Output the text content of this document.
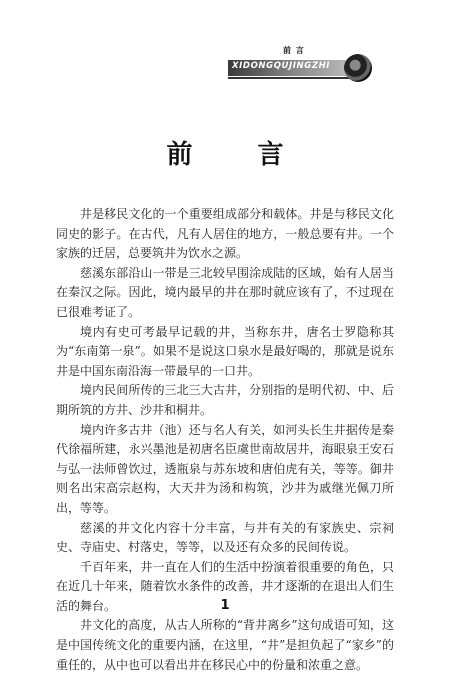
前 言
XIDONGQUJINGZHI
前 言

井是移民文化的一个重要组成部分和载体。井是与移民文化同史的影子。在古代，凡有人居住的地方，一般总要有井。一个家族的迁居，总要筑井为饮水之源。

慈溪东部沿山一带是三北较早围涂成陆的区域，始有人居当在秦汉之际。因此，境内最早的井在那时就应该有了，不过现在已很难考证了。

境内有史可考最早记载的井，当称东井，唐名士罗隐称其为“东南第一泉”。如果不是说这口泉水是最好喝的，那就是说东井是中国东南沿海一带最早的一口井。

境内民间所传的三北三大古井，分别指的是明代初、中、后期所筑的方井、沙井和桐井。

境内许多古井（池）还与名人有关，如河头长生井据传是秦代徐福所建，永兴墨池是初唐名臣虞世南故居井，海眼泉王安石与弘一法师曾饮过，透瓶泉与苏东坡和唐伯虎有关，等等。御井则名出宋高宗赵构，大天井为汤和构筑，沙井为戚继光佩刀所出，等等。

慈溪的井文化内容十分丰富，与井有关的有家族史、宗祠史、寺庙史、村落史，等等，以及还有众多的民间传说。

千百年来，井一直在人们的生活中扮演着很重要的角色，只在近几十年来，随着饮水条件的改善，井才逐渐的在退出人们生活的舞台。

井文化的高度，从古人所称的“背井离乡”这句成语可知，这是中国传统文化的重要内涵，在这里，“井”是担负起了“家乡”的重任的，从中也可以看出井在移民心中的份量和浓重之意。

1
